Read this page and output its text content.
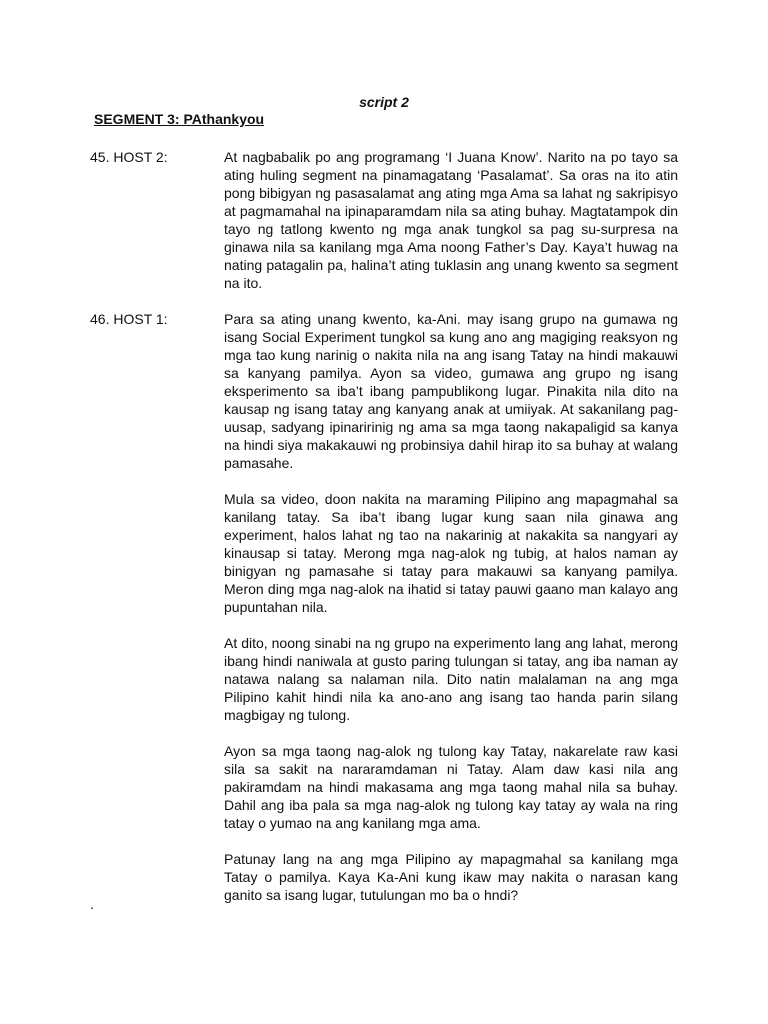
script 2

SEGMENT 3: PAthankyou

45. HOST 2:	At nagbabalik po ang programang ‘I Juana Know’. Narito na po tayo sa ating huling segment na pinamagatang ‘Pasalamat’. Sa oras na ito atin pong bibigyan ng pasasalamat ang ating mga Ama sa lahat ng sakripisyo at pagmamahal na ipinaparamdam nila sa ating buhay. Magtatampok din tayo ng tatlong kwento ng mga anak tungkol sa pag su-surpresa na ginawa nila sa kanilang mga Ama noong Father’s Day. Kaya’t huwag na nating patagalin pa, halina’t ating tuklasin ang unang kwento sa segment na ito.

46. HOST 1:	Para sa ating unang kwento, ka-Ani. may isang grupo na gumawa ng isang Social Experiment tungkol sa kung ano ang magiging reaksyon ng mga tao kung narinig o nakita nila na ang isang Tatay na hindi makauwi sa kanyang pamilya. Ayon sa video, gumawa ang grupo ng isang eksperimento sa iba’t ibang pampublikong lugar. Pinakita nila dito na kausap ng isang tatay ang kanyang anak at umiiyak. At sakanilang pag-uusap, sadyang ipinaririnig ng ama sa mga taong nakapaligid sa kanya na hindi siya makakauwi ng probinsiya dahil hirap ito sa buhay at walang pamasahe.

Mula sa video, doon nakita na maraming Pilipino ang mapagmahal sa kanilang tatay. Sa iba’t ibang lugar kung saan nila ginawa ang experiment, halos lahat ng tao na nakarinig at nakakita sa nangyari ay kinausap si tatay. Merong mga nag-alok ng tubig, at halos naman ay binigyan ng pamasahe si tatay para makauwi sa kanyang pamilya. Meron ding mga nag-alok na ihatid si tatay pauwi gaano man kalayo ang pupuntahan nila.

At dito, noong sinabi na ng grupo na experimento lang ang lahat, merong ibang hindi naniwala at gusto paring tulungan si tatay, ang iba naman ay natawa nalang sa nalaman nila. Dito natin malalaman na ang mga Pilipino kahit hindi nila ka ano-ano ang isang tao handa parin silang magbigay ng tulong.

Ayon sa mga taong nag-alok ng tulong kay Tatay, nakarelate raw kasi sila sa sakit na nararamdaman ni Tatay. Alam daw kasi nila ang pakiramdam na hindi makasama ang mga taong mahal nila sa buhay. Dahil ang iba pala sa mga nag-alok ng tulong kay tatay ay wala na ring tatay o yumao na ang kanilang mga ama.

Patunay lang na ang mga Pilipino ay mapagmahal sa kanilang mga Tatay o pamilya. Kaya Ka-Ani kung ikaw may nakita o narasan kang ganito sa isang lugar, tutulungan mo ba o hndi?

.
